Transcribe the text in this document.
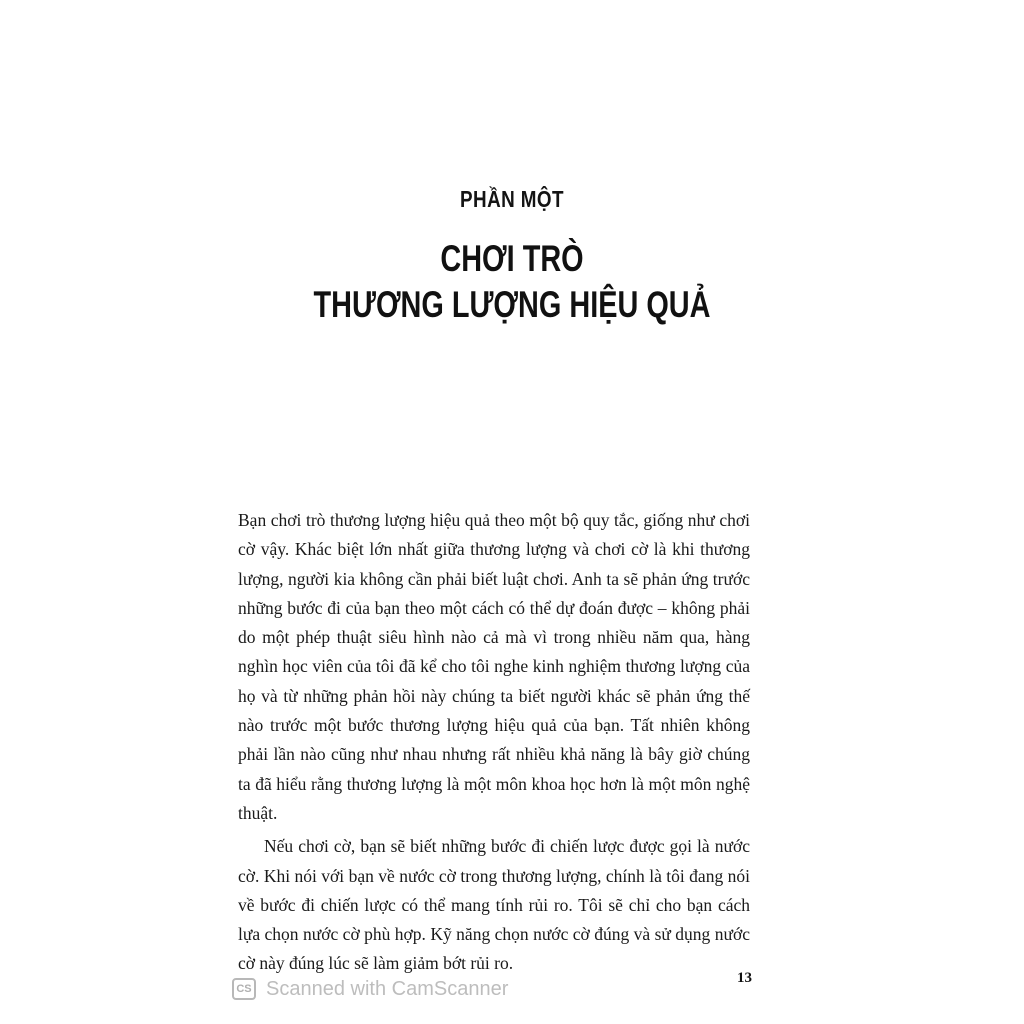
PHẦN MỘT
CHƠI TRÒ
THƯƠNG LƯỢNG HIỆU QUẢ

Bạn chơi trò thương lượng hiệu quả theo một bộ quy tắc, giống như chơi cờ vậy. Khác biệt lớn nhất giữa thương lượng và chơi cờ là khi thương lượng, người kia không cần phải biết luật chơi. Anh ta sẽ phản ứng trước những bước đi của bạn theo một cách có thể dự đoán được – không phải do một phép thuật siêu hình nào cả mà vì trong nhiều năm qua, hàng nghìn học viên của tôi đã kể cho tôi nghe kinh nghiệm thương lượng của họ và từ những phản hồi này chúng ta biết người khác sẽ phản ứng thế nào trước một bước thương lượng hiệu quả của bạn. Tất nhiên không phải lần nào cũng như nhau nhưng rất nhiều khả năng là bây giờ chúng ta đã hiểu rằng thương lượng là một môn khoa học hơn là một môn nghệ thuật.

Nếu chơi cờ, bạn sẽ biết những bước đi chiến lược được gọi là nước cờ. Khi nói với bạn về nước cờ trong thương lượng, chính là tôi đang nói về bước đi chiến lược có thể mang tính rủi ro. Tôi sẽ chỉ cho bạn cách lựa chọn nước cờ phù hợp. Kỹ năng chọn nước cờ đúng và sử dụng nước cờ này đúng lúc sẽ làm giảm bớt rủi ro.

CS Scanned with CamScanner	13
